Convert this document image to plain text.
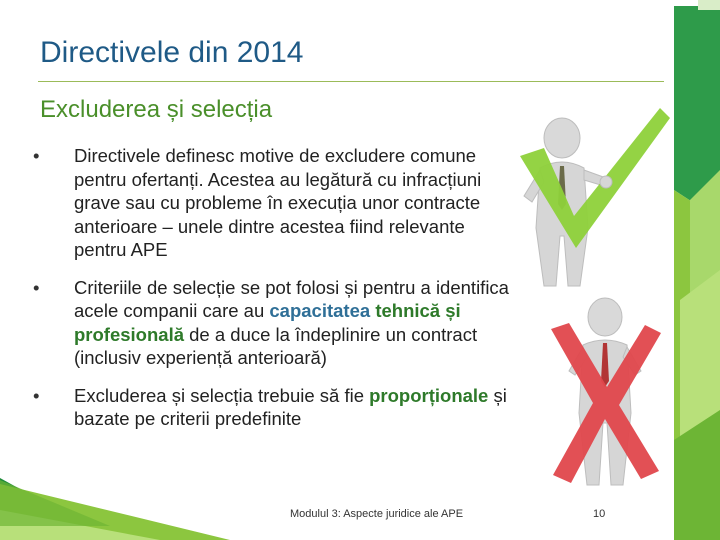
Directivele din 2014
Excluderea și selecția
• Directivele definesc motive de excludere comune pentru ofertanți. Acestea au legătură cu infracțiuni grave sau cu probleme în execuția unor contracte anterioare – unele dintre acestea fiind relevante pentru APE
• Criteriile de selecție se pot folosi și pentru a identifica acele companii care au capacitatea tehnică și profesională de a duce la îndeplinire un contract (inclusiv experiență anterioară)
• Excluderea și selecția trebuie să fie proporționale și bazate pe criterii predefinite
Modulul 3: Aspecte juridice ale APE	10
